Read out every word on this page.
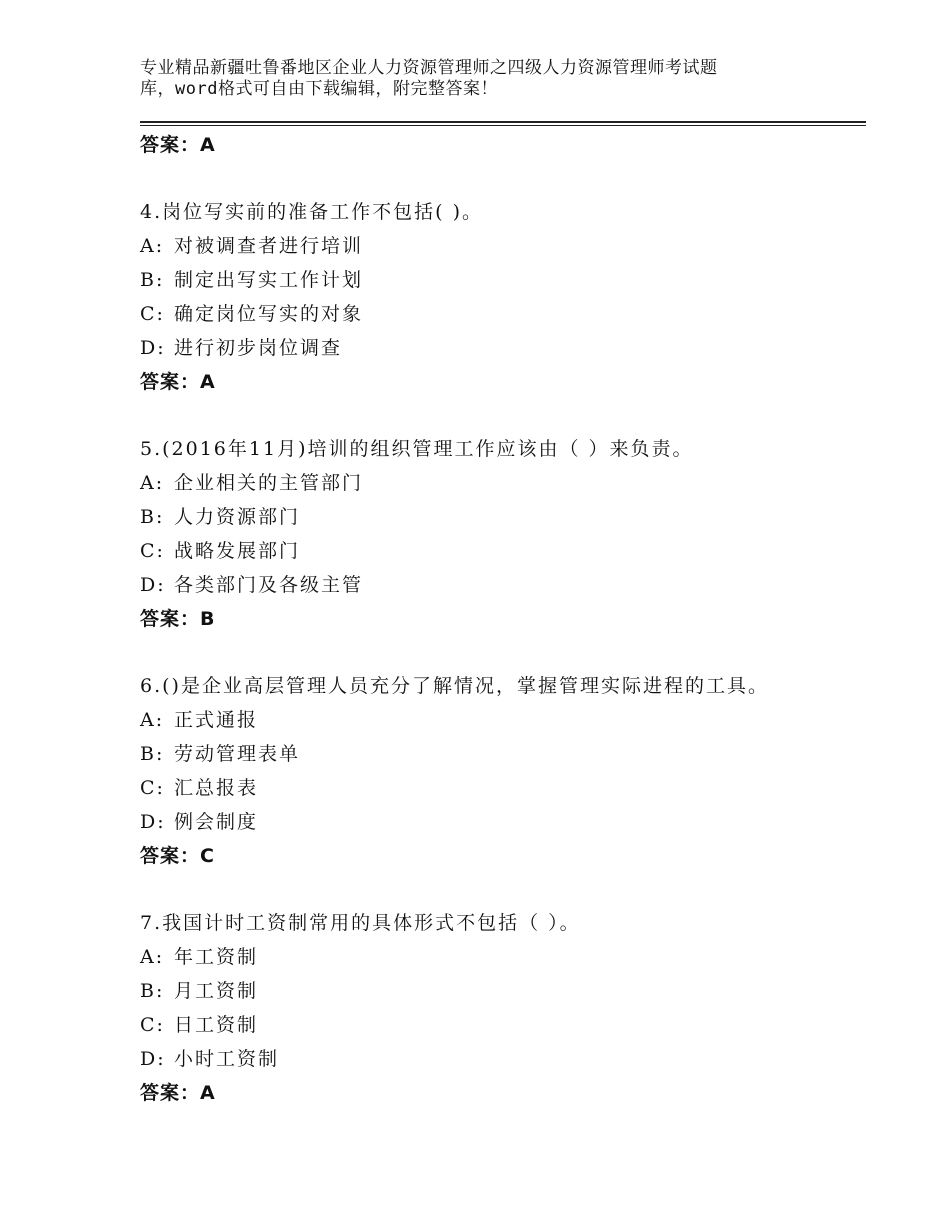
专业精品新疆吐鲁番地区企业人力资源管理师之四级人力资源管理师考试题
库，word格式可自由下载编辑，附完整答案！
答案：A
4.岗位写实前的准备工作不包括( )。
A: 对被调查者进行培训
B: 制定出写实工作计划
C: 确定岗位写实的对象
D: 进行初步岗位调查
答案：A
5.(2016年11月)培训的组织管理工作应该由（ ）来负责。
A: 企业相关的主管部门
B: 人力资源部门
C: 战略发展部门
D: 各类部门及各级主管
答案：B
6.()是企业高层管理人员充分了解情况，掌握管理实际进程的工具。
A: 正式通报
B: 劳动管理表单
C: 汇总报表
D: 例会制度
答案：C
7.我国计时工资制常用的具体形式不包括（ ）。
A: 年工资制
B: 月工资制
C: 日工资制
D: 小时工资制
答案：A
